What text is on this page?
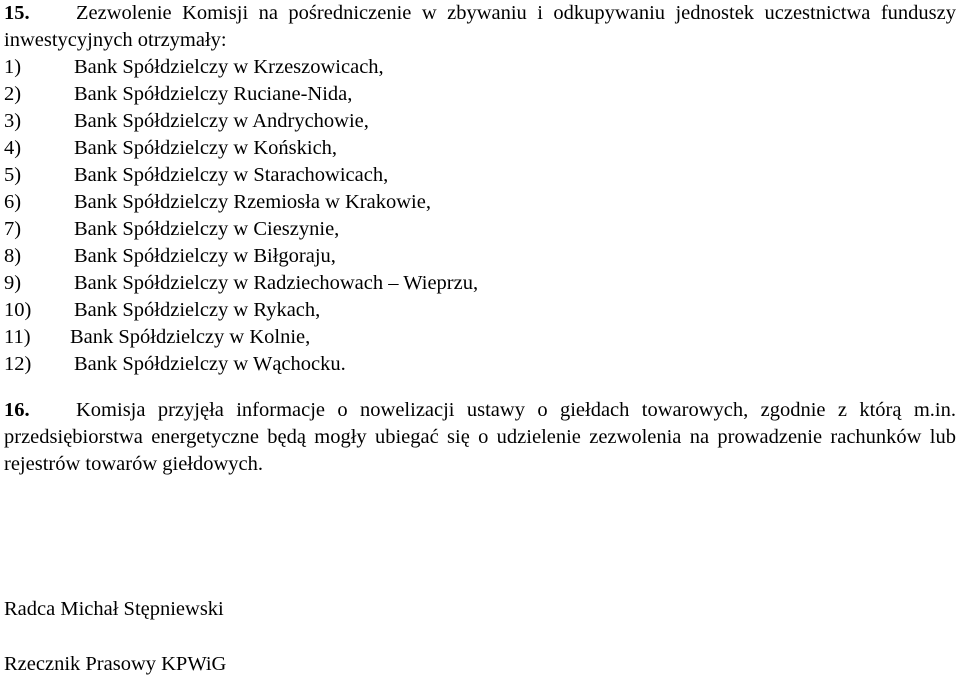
15. Zezwolenie Komisji na pośredniczenie w zbywaniu i odkupywaniu jednostek uczestnictwa funduszy inwestycyjnych otrzymały:
1)	Bank Spółdzielczy w Krzeszowicach,
2)	Bank Spółdzielczy Ruciane-Nida,
3)	Bank Spółdzielczy w Andrychowie,
4)	Bank Spółdzielczy w Końskich,
5)	Bank Spółdzielczy w Starachowicach,
6)	Bank Spółdzielczy Rzemiosła w Krakowie,
7)	Bank Spółdzielczy w Cieszynie,
8)	Bank Spółdzielczy w Biłgoraju,
9)	Bank Spółdzielczy w Radziechowach – Wieprzu,
10) Bank Spółdzielczy w Rykach,
11) Bank Spółdzielczy w Kolnie,
12) Bank Spółdzielczy w Wąchocku.
16. Komisja przyjęła informacje o nowelizacji ustawy o giełdach towarowych, zgodnie z którą m.in. przedsiębiorstwa energetyczne będą mogły ubiegać się o udzielenie zezwolenia na prowadzenie rachunków lub rejestrów towarów giełdowych.
Radca Michał Stępniewski
Rzecznik Prasowy KPWiG
